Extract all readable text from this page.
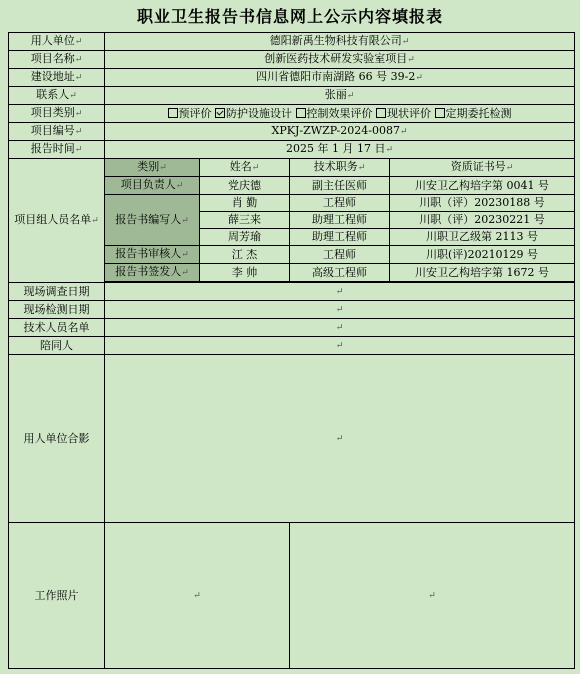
职业卫生报告书信息网上公示内容填报表
用人单位↵	德阳新禹生物科技有限公司↵			
项目名称↵	创新医药技术研发实验室项目↵			
建设地址↵	四川省德阳市南湖路 66 号 39-2↵			
联系人↵	张丽↵			
项目类别↵	预评价 防护设施设计 控制效果评价 现状评价 定期委托检测			
项目编号↵	XPKJ-ZWZP-2024-0087↵			
报告时间↵	2025 年 1 月 17 日↵			
项目组人员名单↵	类别↵	姓名↵	技术职务↵	资质证书号↵
	项目负责人↵	党庆德	副主任医师	川安卫乙构培字第 0041 号
	报告书编写人↵	肖 勤	工程师	川职（评）20230188 号
		薛三来	助理工程师	川职（评）20230221 号
		周芳瑜	助理工程师	川职卫乙级第 2113 号
	报告书审核人↵	江 杰	工程师	川职(评)20210129 号
	报告书签发人↵	李 帅	高级工程师	川安卫乙构培字第 1672 号

现场调查日期	↵			
现场检测日期	↵			
技术人员名单	↵			
陪同人	↵			
用人单位合影	↵			
工作照片	↵		↵	
